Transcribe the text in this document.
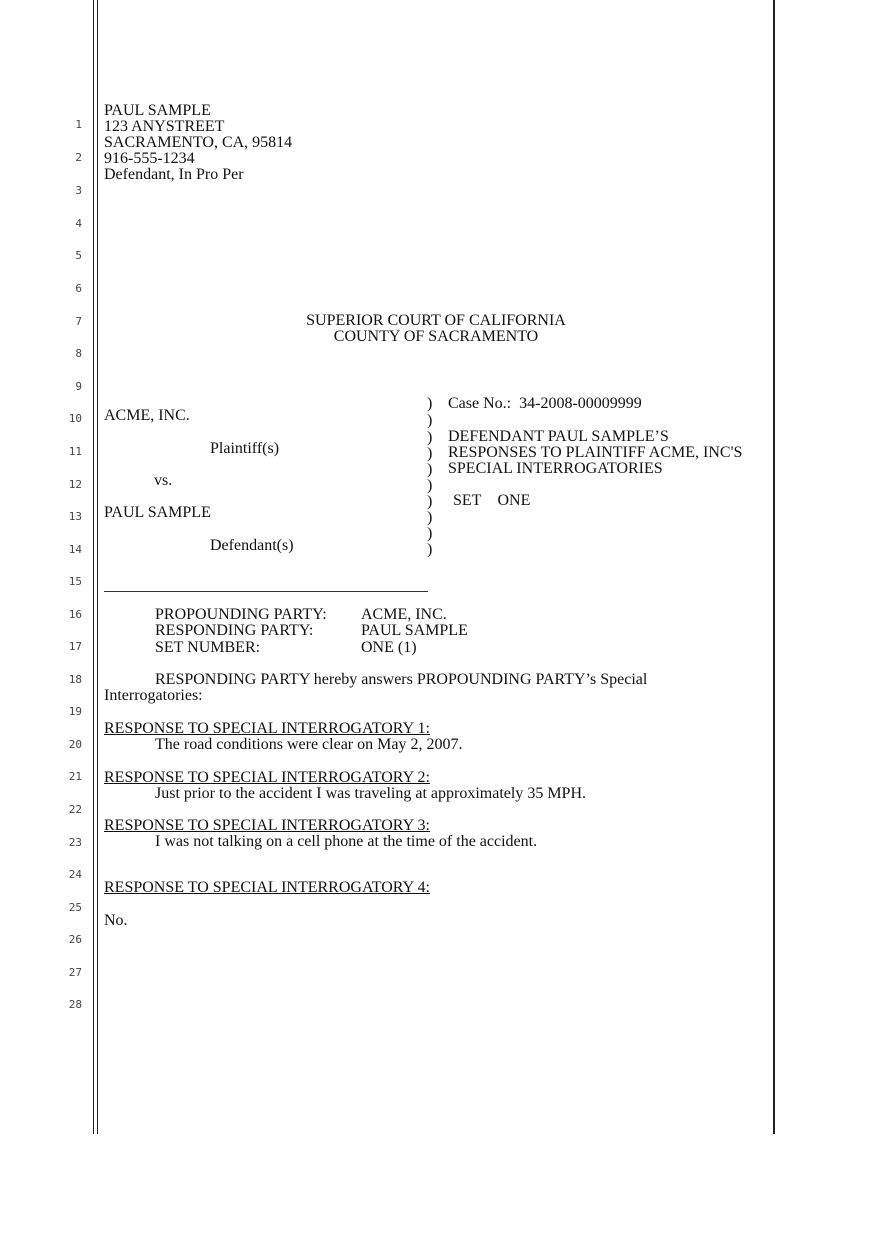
1
2
3
4
5
6
7
8
9
10
11
12
13
14
15
16
17
18
19
20
21
22
23
24
25
26
27
28
PAUL SAMPLE
123 ANYSTREET
SACRAMENTO, CA, 95814
916-555-1234
Defendant, In Pro Per
SUPERIOR COURT OF CALIFORNIA
COUNTY OF SACRAMENTO
ACME, INC.
Plaintiff(s)
vs.
PAUL SAMPLE
Defendant(s)
)
)
)
)
)
)
)
)
)
)
Case No.: 34-2008-00009999
DEFENDANT PAUL SAMPLE’S
RESPONSES TO PLAINTIFF ACME, INC'S
SPECIAL INTERROGATORIES
SET ONE
PROPOUNDING PARTY: ACME, INC.
RESPONDING PARTY:	PAUL SAMPLE
SET NUMBER:	ONE (1)
RESPONDING PARTY hereby answers PROPOUNDING PARTY’s Special
Interrogatories:
RESPONSE TO SPECIAL INTERROGATORY 1:
The road conditions were clear on May 2, 2007.
RESPONSE TO SPECIAL INTERROGATORY 2:
Just prior to the accident I was traveling at approximately 35 MPH.
RESPONSE TO SPECIAL INTERROGATORY 3:
I was not talking on a cell phone at the time of the accident.
RESPONSE TO SPECIAL INTERROGATORY 4:
No.
